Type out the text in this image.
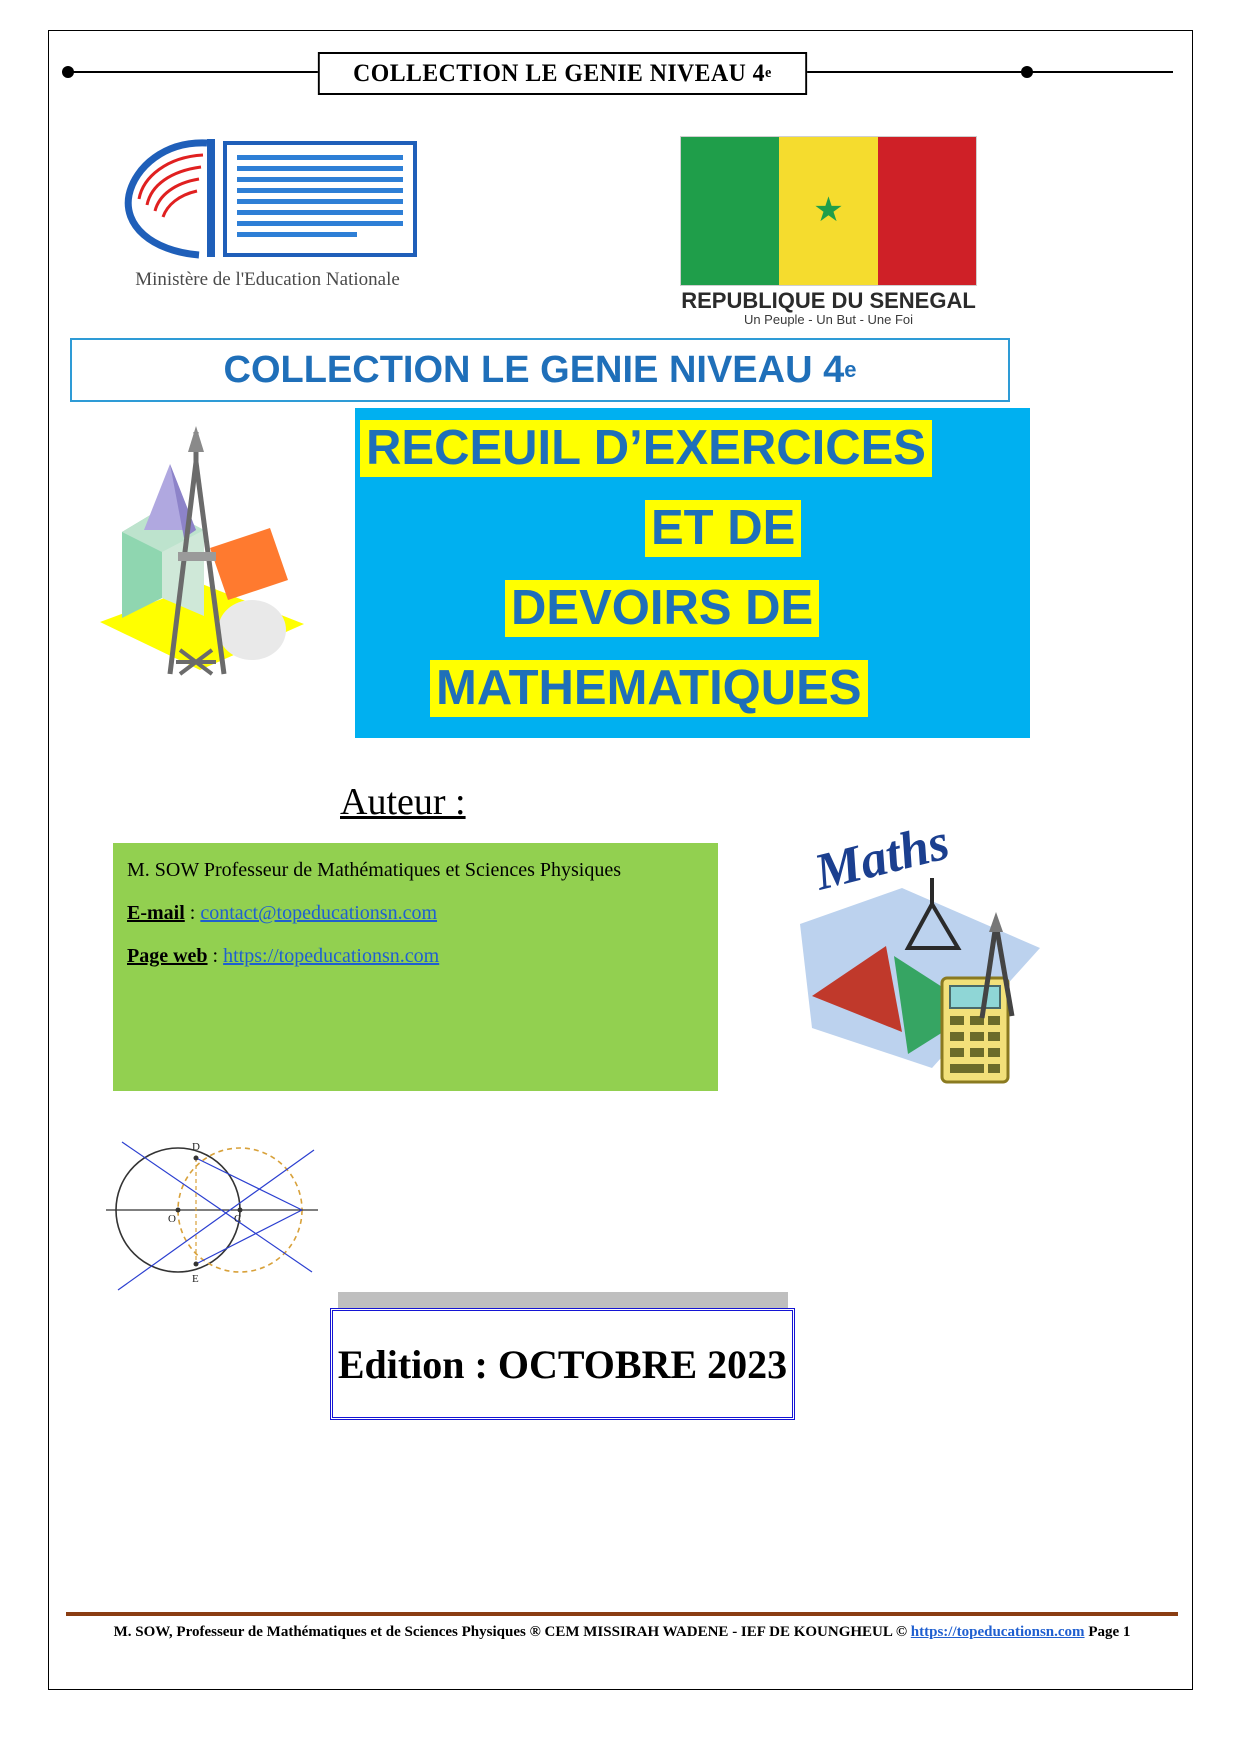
COLLECTION LE GENIE NIVEAU 4 e
Ministère de l'Education Nationale
★
REPUBLIQUE DU SENEGAL
Un Peuple - Un But - Une Foi
COLLECTION LE GENIE NIVEAU 4 e
RECEUIL D’EXERCICES
ET DE
DEVOIRS DE
MATHEMATIQUES
Auteur :
M. SOW Professeur de Mathématiques et Sciences Physiques
E-mail : contact@topeducationsn.com
Page web : https://topeducationsn.com
Maths
D
O	C
E
Edition : OCTOBRE 2023
M. SOW, Professeur de Mathématiques et de Sciences Physiques ® CEM MISSIRAH WADENE - IEF DE KOUNGHEUL © https://topeducationsn.com Page 1
